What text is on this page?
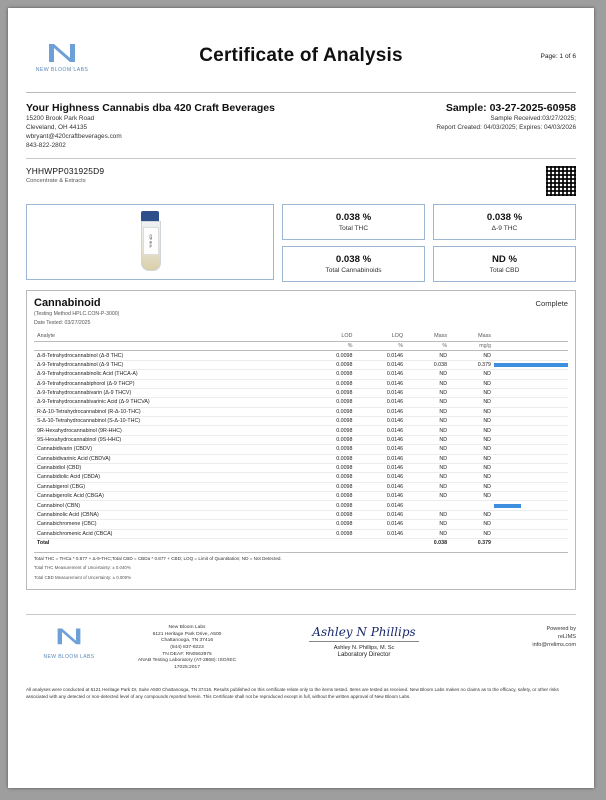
NEW BLOOM LABS
Certificate of Analysis	Page: 1 of 6
Your Highness Cannabis dba 420 Craft Beverages
15200 Brook Park Road
Cleveland, OH 44135
wbryant@420craftbeverages.com
843-822-2802
Sample: 03-27-2025-60958
Sample Received:03/27/2025;
Report Created: 04/03/2025; Expires: 04/03/2026
YHHWPP031925D9
Concentrate & Extracts
YHH 420
0.038 %
Total THC
0.038 %
Δ-9 THC
0.038 %
Total Cannabinoids
ND %
Total CBD
Cannabinoid	Complete
(Testing Method HPLC.CON-P-3000)
Date Tested: 03/27/2025
Analyte	LOD	LOQ	Mass	Mass	
	%	%	%	mg/g	
Δ-8-Tetrahydrocannabinol (Δ-8 THC)	0.0098	0.0146	ND	ND	
Δ-9-Tetrahydrocannabinol (Δ-9 THC)	0.0098	0.0146	0.038	0.379	

Δ-9-Tetrahydrocannabinolic Acid (THCA-A)	0.0098	0.0146	ND	ND	
Δ-9-Tetrahydrocannabiphorol (Δ-9 THCP)	0.0098	0.0146	ND	ND	
Δ-9-Tetrahydrocannabivarin (Δ-9 THCV)	0.0098	0.0146	ND	ND	
Δ-9-Tetrahydrocannabivarinic Acid (Δ-9 THCVA)	0.0098	0.0146	ND	ND	
R-Δ-10-Tetrahydrocannabinol (R-Δ-10-THC)	0.0098	0.0146	ND	ND	
S-Δ-10-Tetrahydrocannabinol (S-Δ-10-THC)	0.0098	0.0146	ND	ND	
9R-Hexahydrocannabinol (9R-HHC)	0.0098	0.0146	ND	ND	
9S-Hexahydrocannabinol (9S-HHC)	0.0098	0.0146	ND	ND	
Cannabidivarin (CBDV)	0.0098	0.0146	ND	ND	
Cannabidivarinic Acid (CBDVA)	0.0098	0.0146	ND	ND	
Cannabidiol (CBD)	0.0098	0.0146	ND	ND	
Cannabidiolic Acid (CBDA)	0.0098	0.0146	ND	ND	
Cannabigerol (CBG)	0.0098	0.0146	ND	ND	
Cannabigerolic Acid (CBGA)	0.0098	0.0146	ND	ND	
Cannabinol (CBN)	0.0098	0.0146			

Cannabinolic Acid (CBNA)	0.0098	0.0146	ND	ND	
Cannabichromene (CBC)	0.0098	0.0146	ND	ND	
Cannabichromenic Acid (CBCA)	0.0098	0.0146	ND	ND	
Total			0.038	0.379	
Total THC = THCa * 0.877 + Δ-9-THC;Total CBD = CBDa * 0.877 + CBD; LOQ = Limit of Quantitation; ND = Not Detected.
Total THC Measurement of Uncertainty: ± 0.040%
Total CBD Measurement of Uncertainty: ± 0.000%
NEW BLOOM LABS
New Bloom Labs
6121 Heritage Park Drive, A500
Chattanooga, TN 37416
(844) 837-8223
TN DEA#: RN0563975
ANAB Testing Laboratory (AT-2868): ISO/IEC
17025:2017
Ashley N Phillips
Ashley N. Phillips, M. Sc
Laboratory Director
Powered by
reLIMS
info@rrelims.com
All analyses were conducted at 6121 Heritage Park Dr, Suite A500 Chattanooga, TN 37416. Results published on this certificate relate only to the items tested. Items are tested as received. New Bloom Labs makes no claims as to the efficacy, safety, or other risks associated with any detected or non-detected level of any compounds reported herein. This Certificate shall not be reproduced except in full, without the written approval of New Bloom Labs.
